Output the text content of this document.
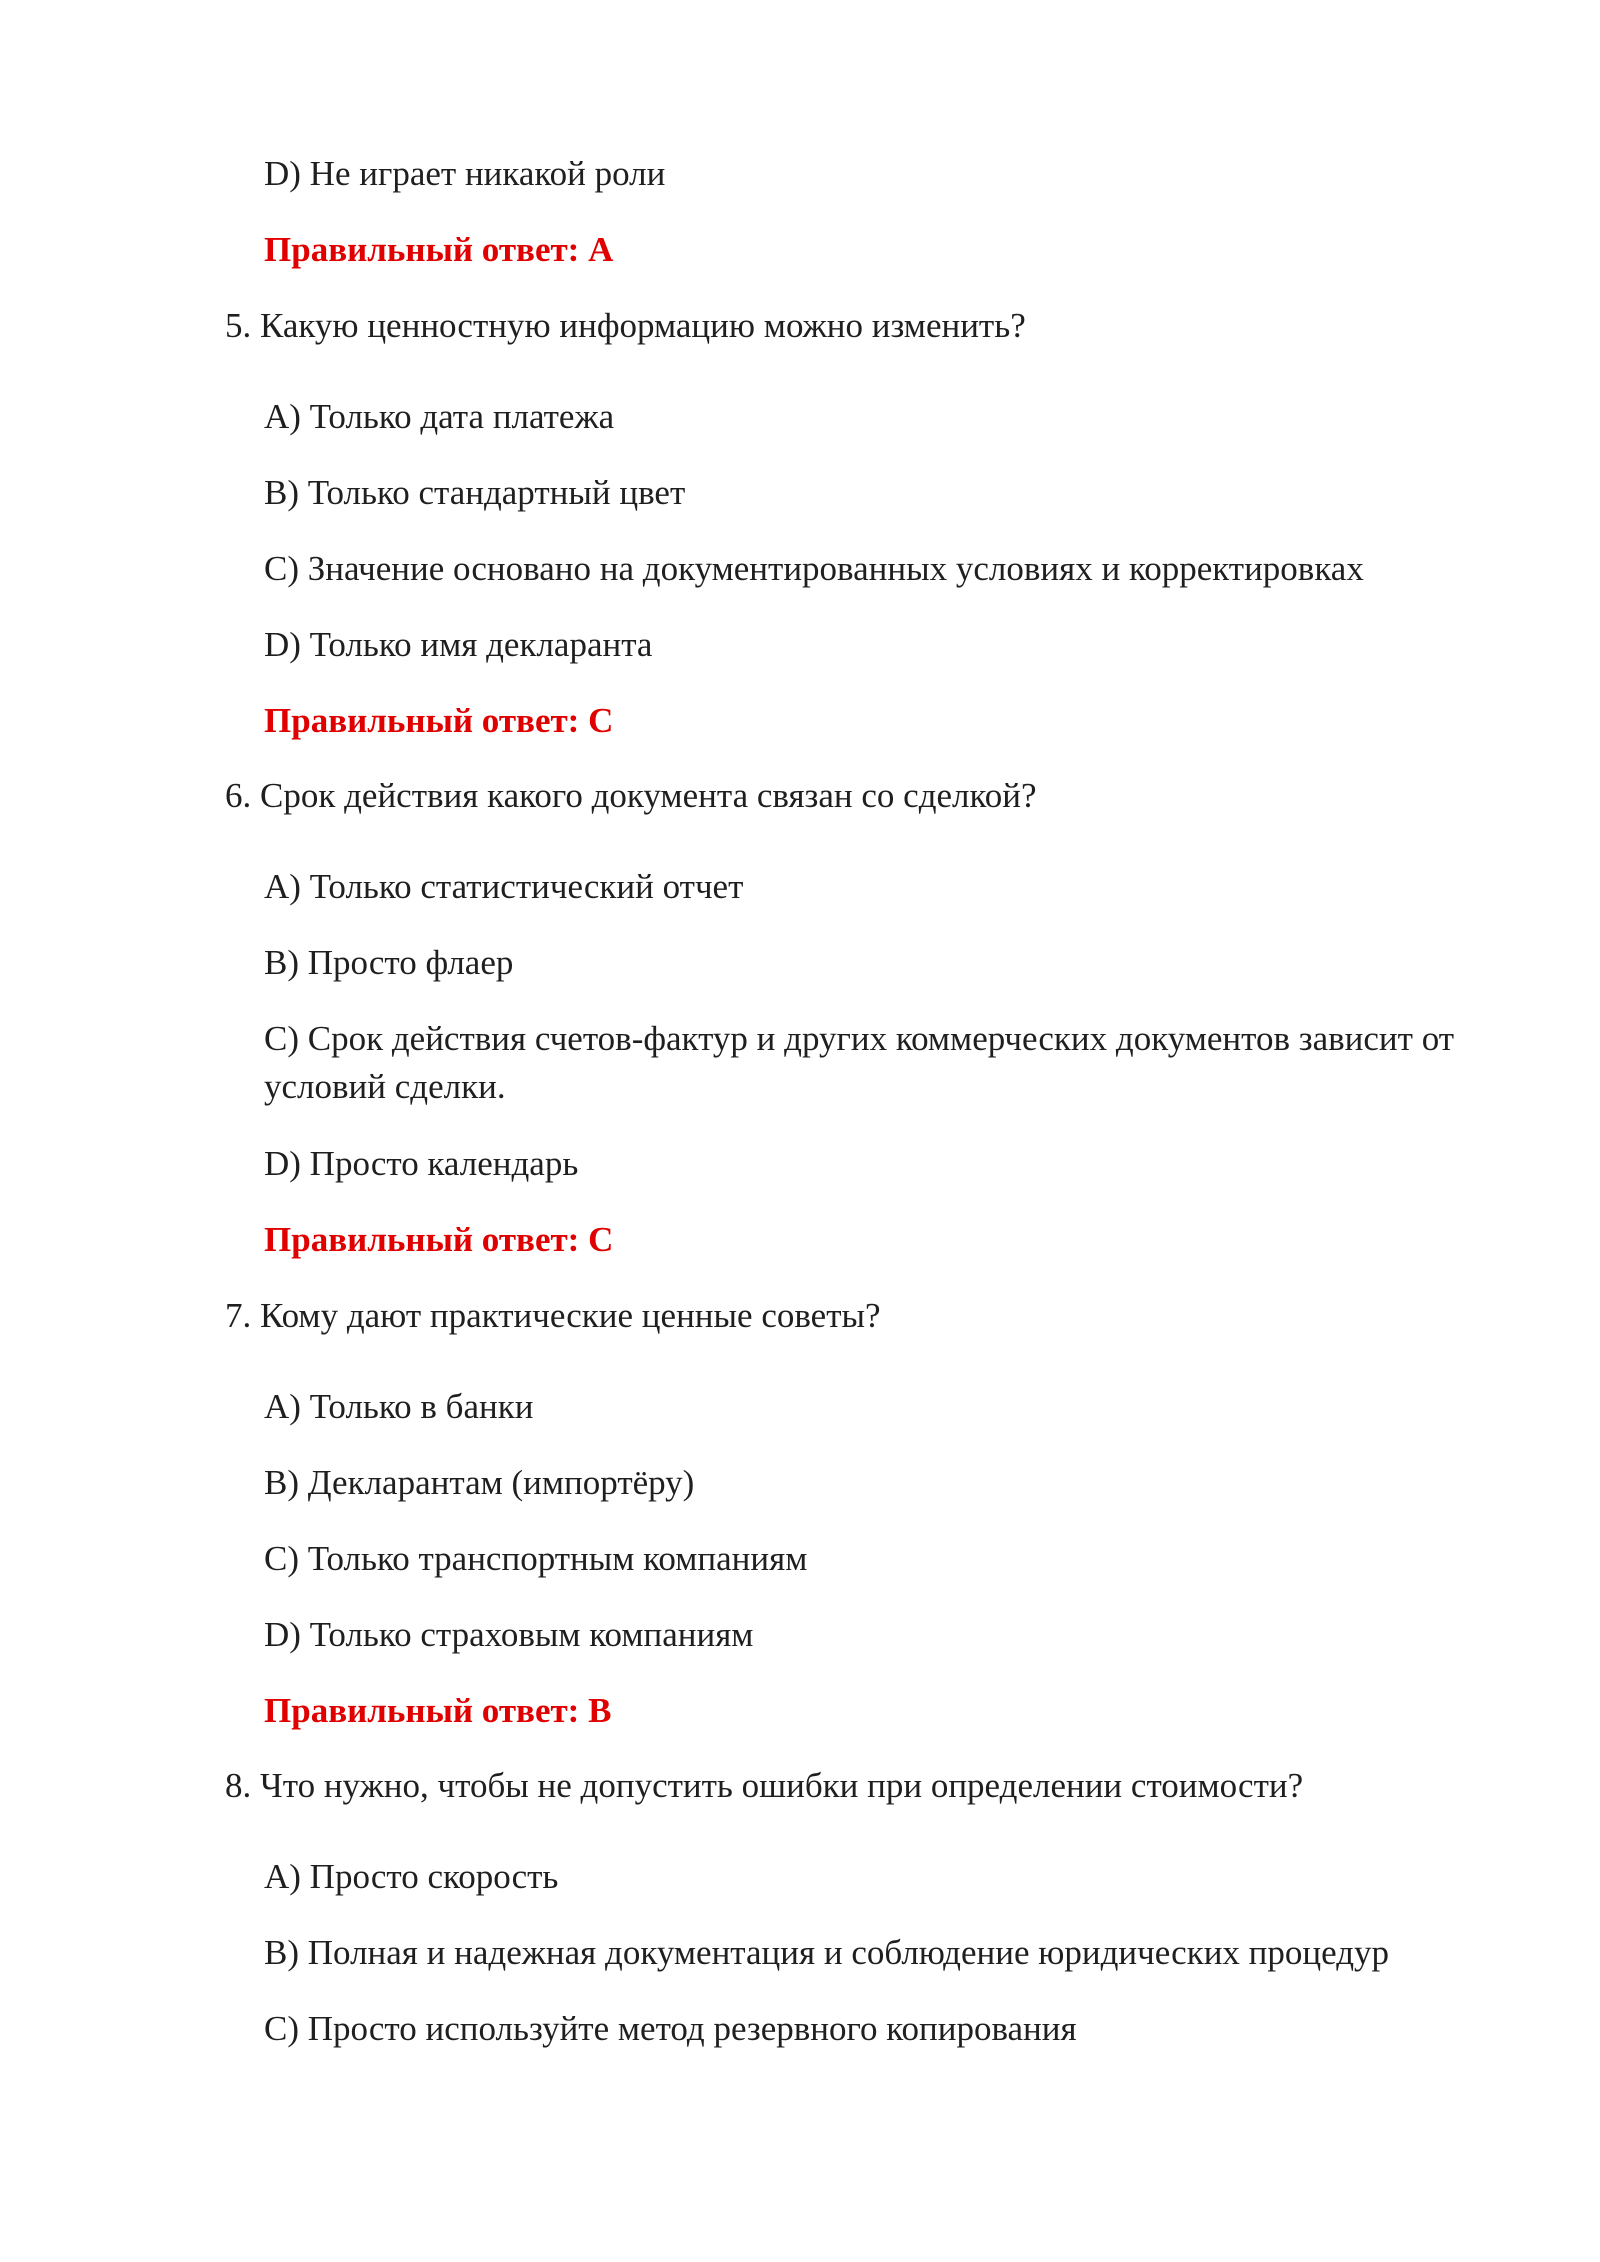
D) Не играет никакой роли
Правильный ответ: A
5. Какую ценностную информацию можно изменить?
A) Только дата платежа
B) Только стандартный цвет
C) Значение основано на документированных условиях и корректировках
D) Только имя декларанта
Правильный ответ: C
6. Срок действия какого документа связан со сделкой?
A) Только статистический отчет
B) Просто флаер
C) Срок действия счетов-фактур и других коммерческих документов зависит от условий сделки.
D) Просто календарь
Правильный ответ: C
7. Кому дают практические ценные советы?
A) Только в банки
B) Декларантам (импортёру)
C) Только транспортным компаниям
D) Только страховым компаниям
Правильный ответ: B
8. Что нужно, чтобы не допустить ошибки при определении стоимости?
A) Просто скорость
B) Полная и надежная документация и соблюдение юридических процедур
C) Просто используйте метод резервного копирования
